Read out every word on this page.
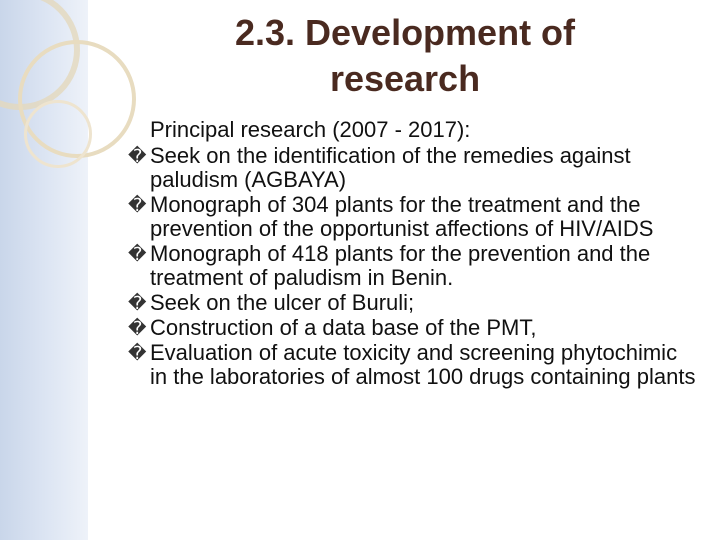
2.3. Development of
research
Principal research (2007 - 2017):
� Seek on the identification of the remedies against paludism (AGBAYA)
� Monograph of 304 plants for the treatment and the prevention of the opportunist affections of HIV/AIDS
� Monograph of 418 plants for the prevention and the treatment of paludism in Benin.
� Seek on the ulcer of Buruli;
� Construction of a data base of the PMT,
� Evaluation of acute toxicity and screening phytochimic in the laboratories of almost 100 drugs containing plants
